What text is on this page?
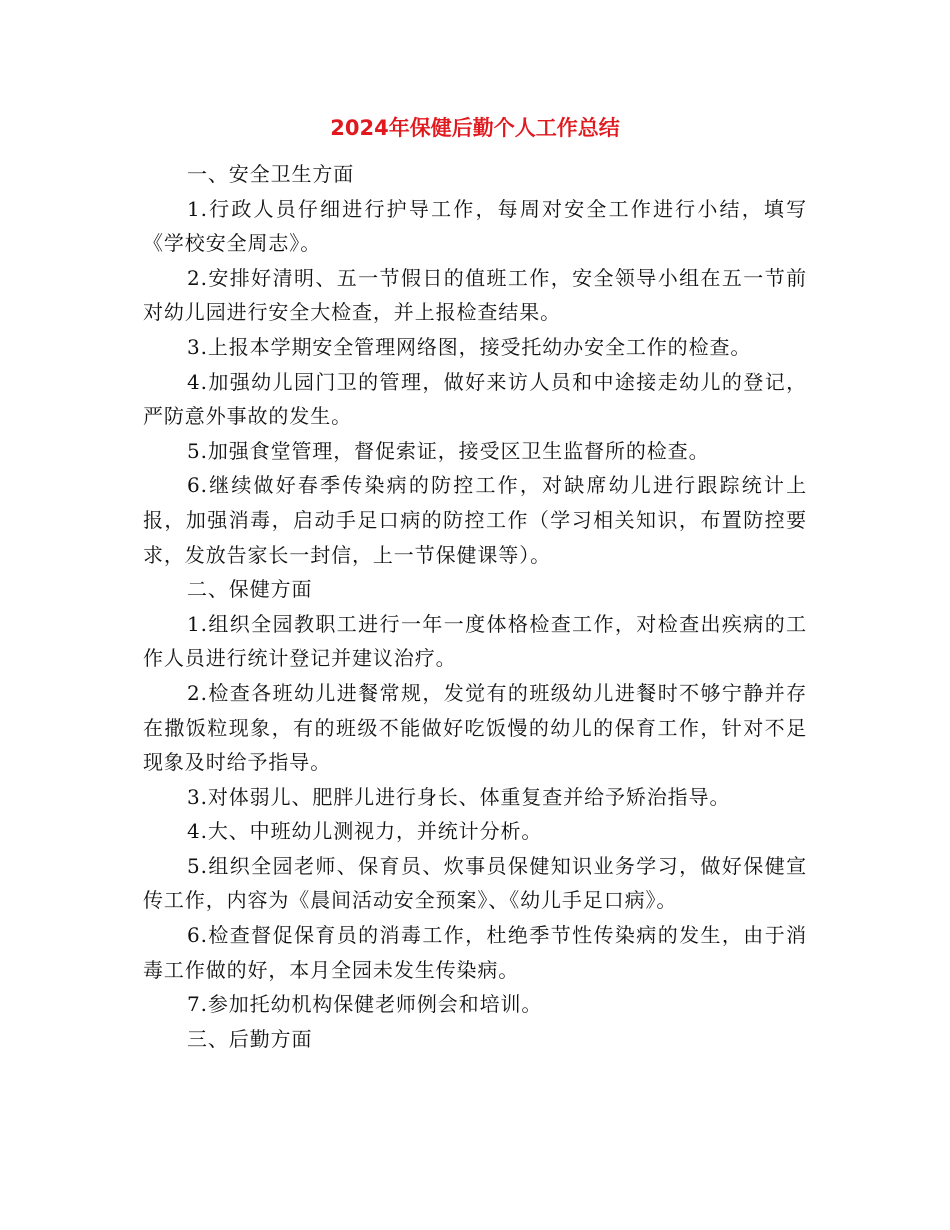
2024年保健后勤个人工作总结

一、安全卫生方面

1.行政人员仔细进行护导工作，每周对安全工作进行小结，填写《学校安全周志》。

2.安排好清明、五一节假日的值班工作，安全领导小组在五一节前对幼儿园进行安全大检查，并上报检查结果。

3.上报本学期安全管理网络图，接受托幼办安全工作的检查。

4.加强幼儿园门卫的管理，做好来访人员和中途接走幼儿的登记，严防意外事故的发生。

5.加强食堂管理，督促索证，接受区卫生监督所的检查。

6.继续做好春季传染病的防控工作，对缺席幼儿进行跟踪统计上报，加强消毒，启动手足口病的防控工作（学习相关知识，布置防控要求，发放告家长一封信，上一节保健课等）。

二、保健方面

1.组织全园教职工进行一年一度体格检查工作，对检查出疾病的工作人员进行统计登记并建议治疗。

2.检查各班幼儿进餐常规，发觉有的班级幼儿进餐时不够宁静并存在撒饭粒现象，有的班级不能做好吃饭慢的幼儿的保育工作，针对不足现象及时给予指导。

3.对体弱儿、肥胖儿进行身长、体重复查并给予矫治指导。

4.大、中班幼儿测视力，并统计分析。

5.组织全园老师、保育员、炊事员保健知识业务学习，做好保健宣传工作，内容为《晨间活动安全预案》、《幼儿手足口病》。

6.检查督促保育员的消毒工作，杜绝季节性传染病的发生，由于消毒工作做的好，本月全园未发生传染病。

7.参加托幼机构保健老师例会和培训。

三、后勤方面
